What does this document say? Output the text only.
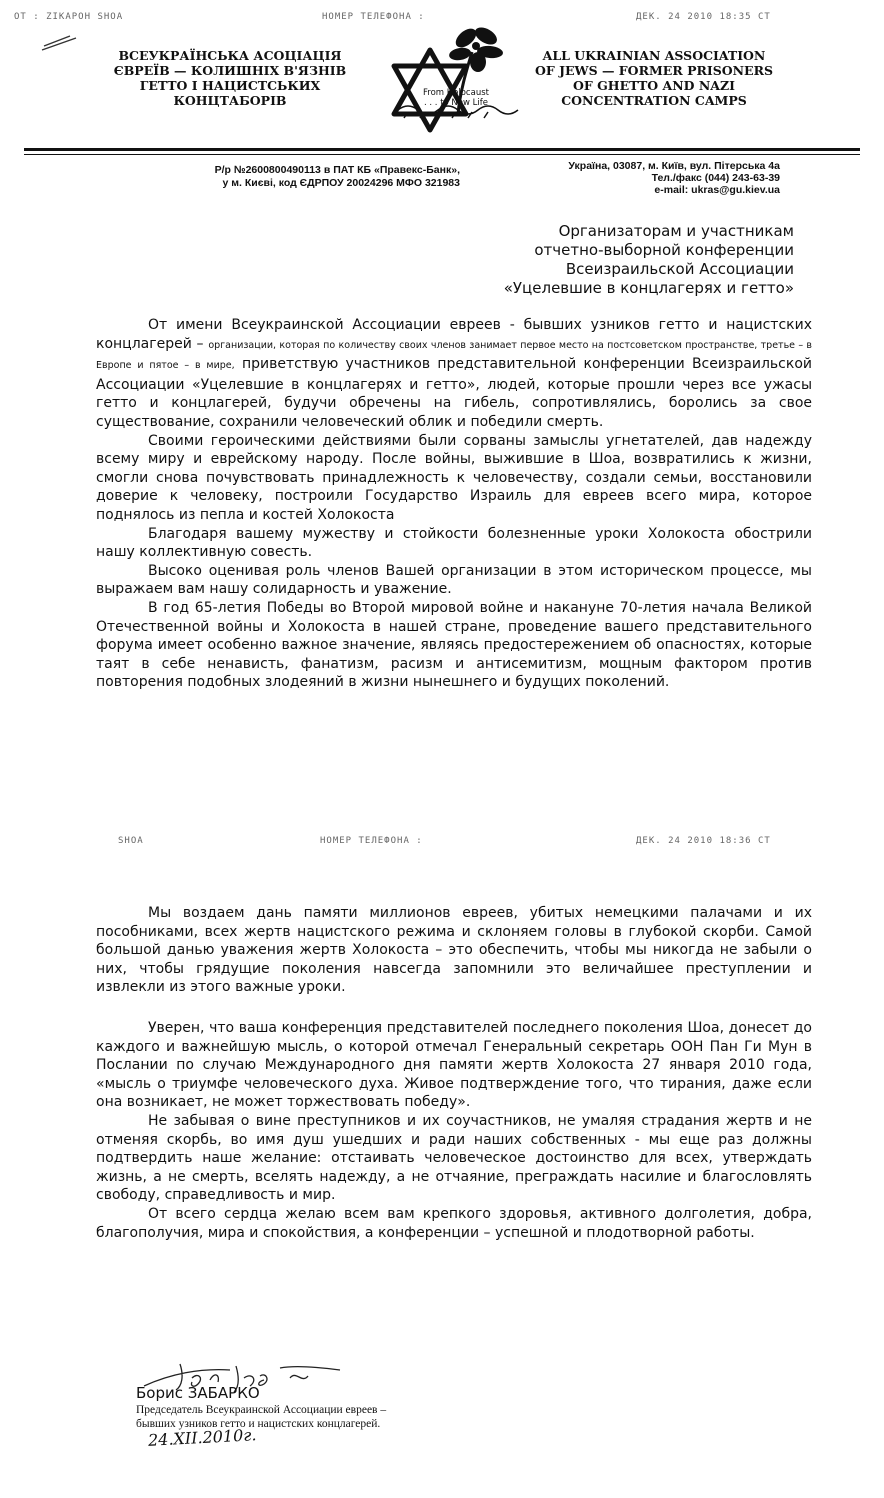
ОТ : ZIKAPOH SHOA	НОМЕР ТЕЛЕФОНА :	ДЕК. 24 2010 18:35 СТ
ВСЕУКРАЇНСЬКА АСОЦІАЦІЯ
ЄВРЕЇВ — КОЛИШНІХ В'ЯЗНІВ
ГЕТТО І НАЦИСТСЬКИХ
КОНЦТАБОРІВ	From Holocaust
. . . to New Life
ALL UKRAINIAN ASSOCIATION
OF JEWS — FORMER PRISONERS
OF GHETTO AND NAZI
CONCENTRATION CAMPS
Р/р №2600800490113 в ПАТ КБ «Правекс-Банк»,
у м. Києві, код ЄДРПОУ 20024296 МФО 321983
Україна, 03087, м. Київ, вул. Пітерська 4а
Тел./факс (044) 243-63-39
e-mail: ukras@gu.kiev.ua
Организаторам и участникам
отчетно-выборной конференции
Всеизраильской Ассоциации
«Уцелевшие в концлагерях и гетто»

От имени Всеукраинской Ассоциации евреев - бывших узников гетто и нацистских концлагерей – организации, которая по количеству своих членов занимает первое место на постсоветском пространстве, третье – в Европе и пятое – в мире, приветствую участников представительной конференции Всеизраильской Ассоциации «Уцелевшие в концлагерях и гетто», людей, которые прошли через все ужасы гетто и концлагерей, будучи обречены на гибель, сопротивлялись, боролись за свое существование, сохранили человеческий облик и победили смерть.

Своими героическими действиями были сорваны замыслы угнетателей, дав надежду всему миру и еврейскому народу. После войны, выжившие в Шоа, возвратились к жизни, смогли снова почувствовать принадлежность к человечеству, создали семьи, восстановили доверие к человеку, построили Государство Израиль для евреев всего мира, которое поднялось из пепла и костей Холокоста

Благодаря вашему мужеству и стойкости болезненные уроки Холокоста обострили нашу коллективную совесть.

Высоко оценивая роль членов Вашей организации в этом историческом процессе, мы выражаем вам нашу солидарность и уважение.

В год 65-летия Победы во Второй мировой войне и накануне 70-летия начала Великой Отечественной войны и Холокоста в нашей стране, проведение вашего представительного форума имеет особенно важное значение, являясь предостережением об опасностях, которые таят в себе ненависть, фанатизм, расизм и антисемитизм, мощным фактором против повторения подобных злодеяний в жизни нынешнего и будущих поколений.

SHOA	НОМЕР ТЕЛЕФОНА :	ДЕК. 24 2010 18:36 СТ

Мы воздаем дань памяти миллионов евреев, убитых немецкими палачами и их пособниками, всех жертв нацистского режима и склоняем головы в глубокой скорби. Самой большой данью уважения жертв Холокоста – это обеспечить, чтобы мы никогда не забыли о них, чтобы грядущие поколения навсегда запомнили это величайшее преступлении и извлекли из этого важные уроки.

Уверен, что ваша конференция представителей последнего поколения Шоа, донесет до каждого и важнейшую мысль, о которой отмечал Генеральный секретарь ООН Пан Ги Мун в Послании по случаю Международного дня памяти жертв Холокоста 27 января 2010 года, «мысль о триумфе человеческого духа. Живое подтверждение того, что тирания, даже если она возникает, не может торжествовать победу».

Не забывая о вине преступников и их соучастников, не умаляя страдания жертв и не отменяя скорбь, во имя душ ушедших и ради наших собственных - мы еще раз должны подтвердить наше желание: отстаивать человеческое достоинство для всех, утверждать жизнь, а не смерть, вселять надежду, а не отчаяние, преграждать насилие и благословлять свободу, справедливость и мир.

От всего сердца желаю всем вам крепкого здоровья, активного долголетия, добра, благополучия, мира и спокойствия, а конференции – успешной и плодотворной работы.

Борис ЗАБАРКО
Председатель Всеукраинской Ассоциации евреев –
бывших узников гетто и нацистских концлагерей.
24.XII.2010г.
